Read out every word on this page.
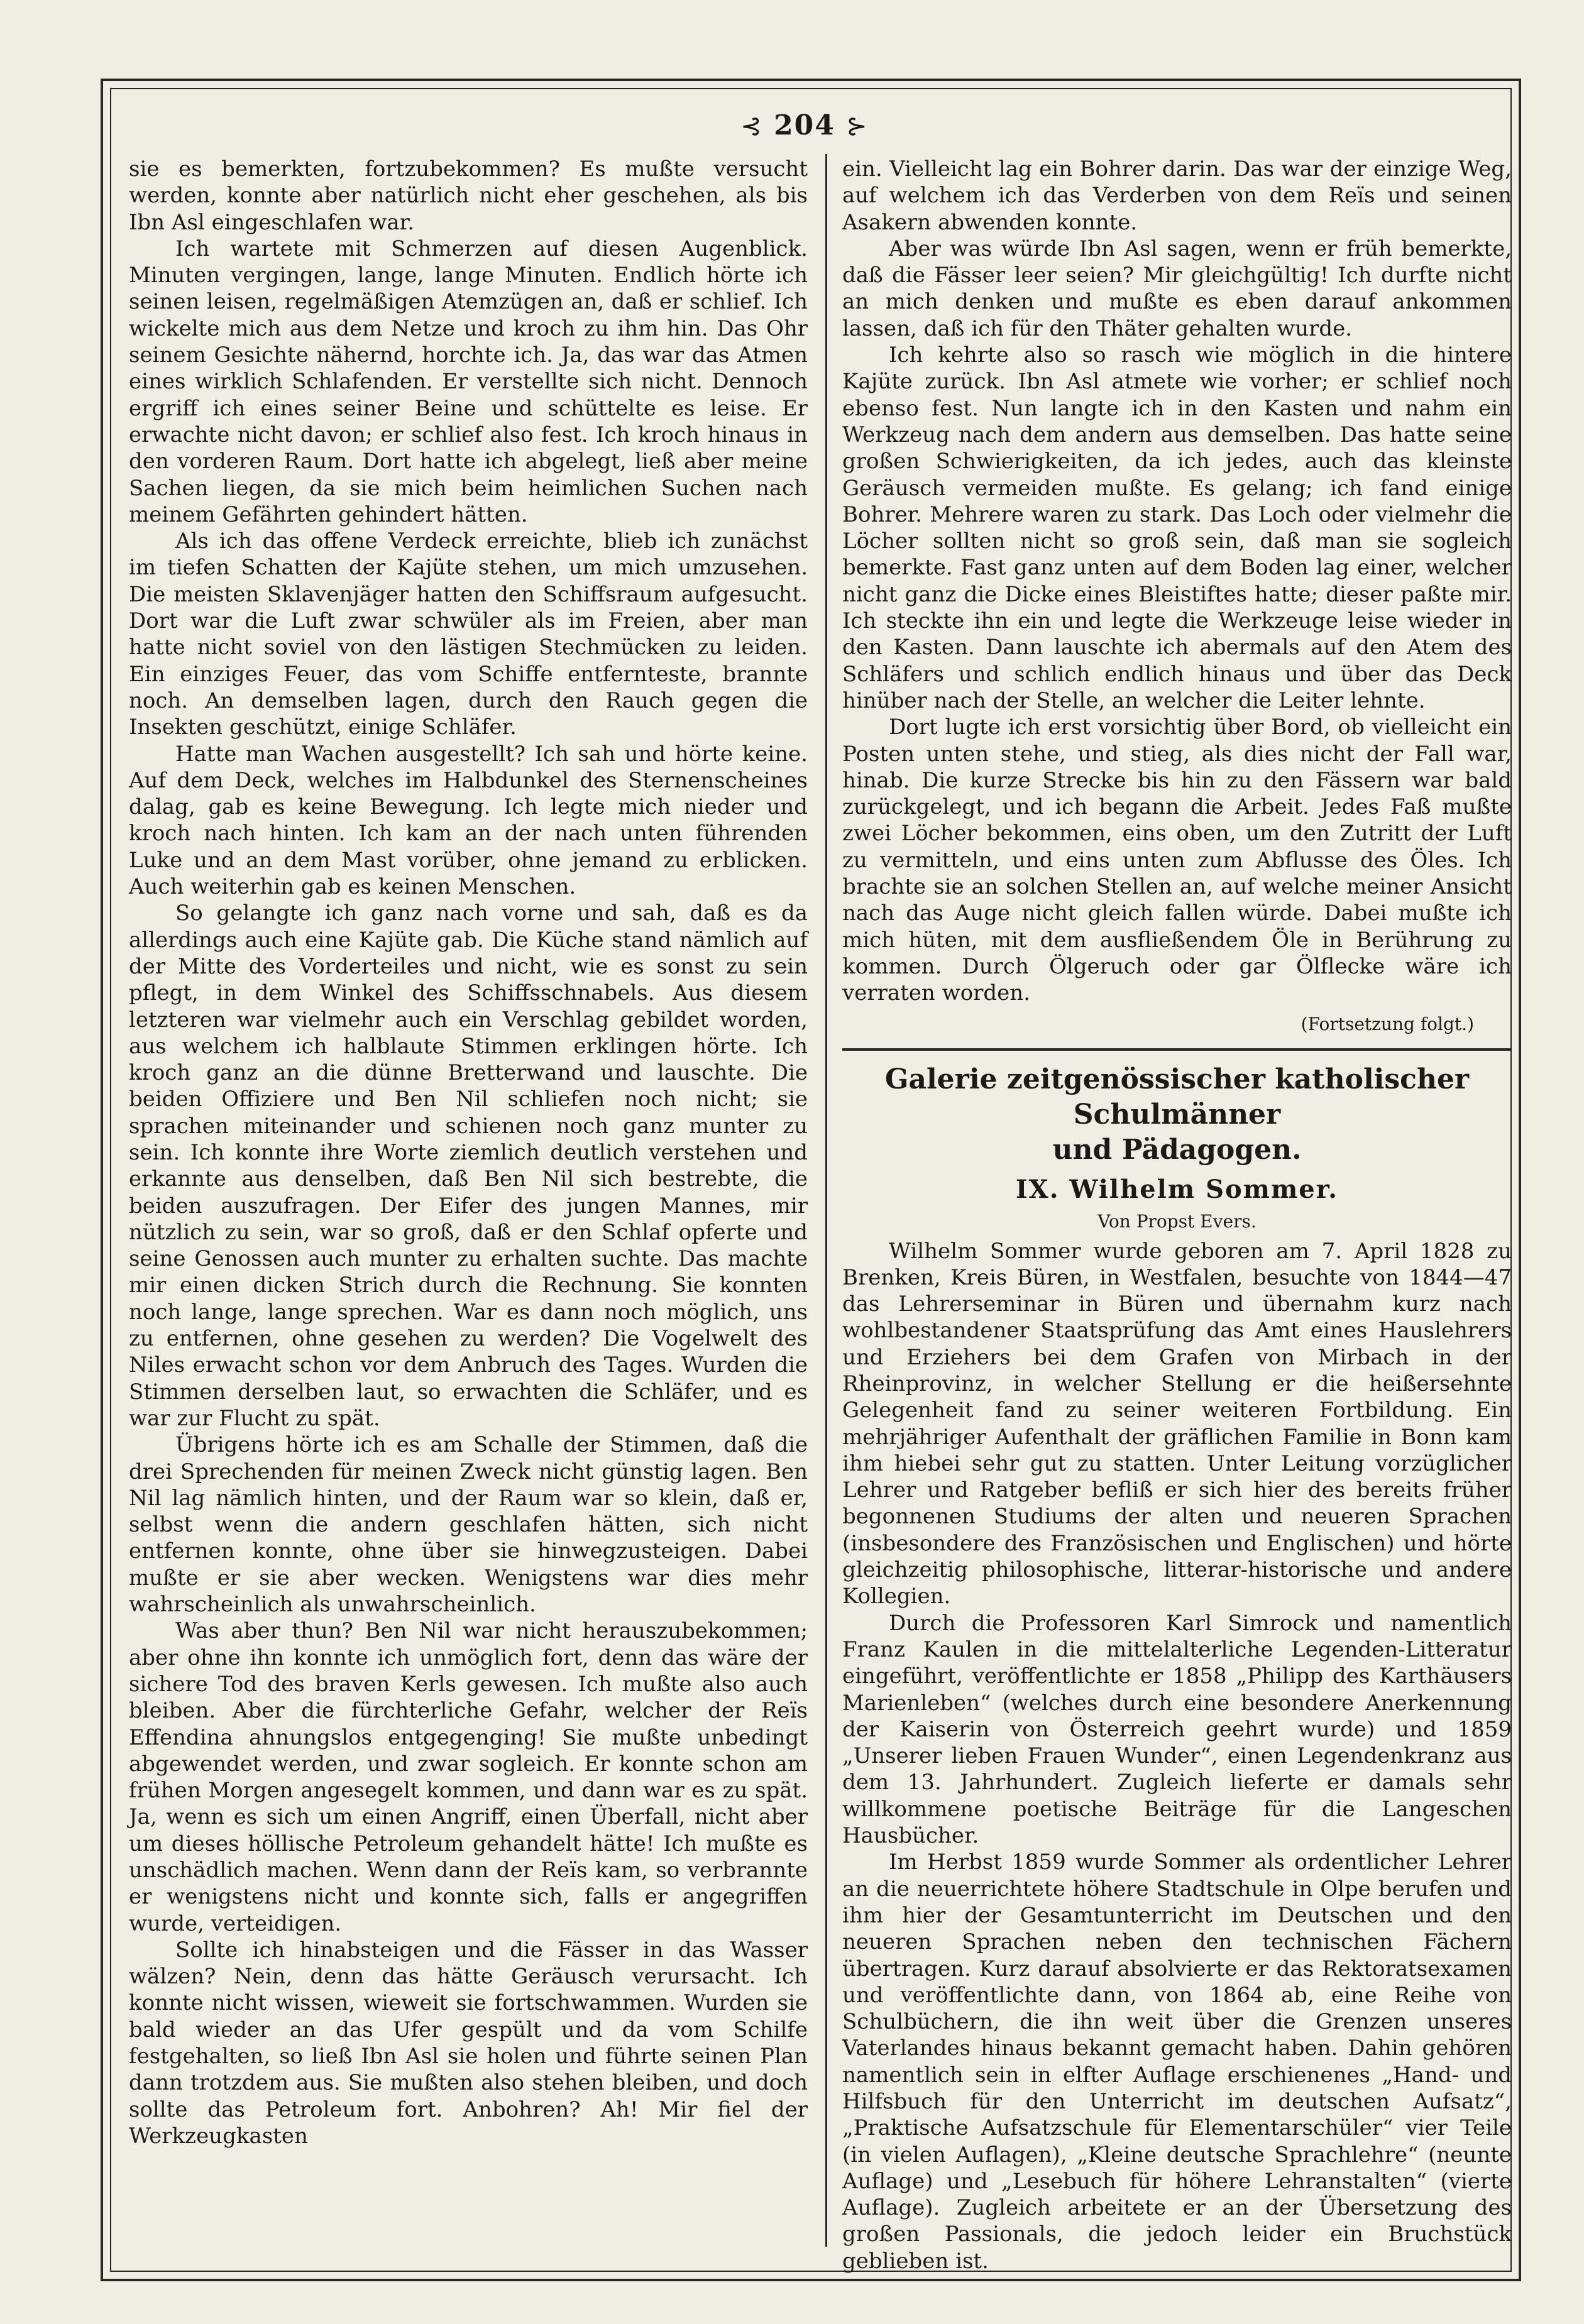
⊰ 204 ⊱

sie es bemerkten, fortzubekommen? Es mußte versucht werden, konnte aber natürlich nicht eher geschehen, als bis Ibn Asl eingeschlafen war.

Ich wartete mit Schmerzen auf diesen Augenblick. Minuten vergingen, lange, lange Minuten. Endlich hörte ich seinen leisen, regelmäßigen Atemzügen an, daß er schlief. Ich wickelte mich aus dem Netze und kroch zu ihm hin. Das Ohr seinem Gesichte nähernd, horchte ich. Ja, das war das Atmen eines wirklich Schlafenden. Er verstellte sich nicht. Dennoch ergriff ich eines seiner Beine und schüttelte es leise. Er erwachte nicht davon; er schlief also fest. Ich kroch hinaus in den vorderen Raum. Dort hatte ich abgelegt, ließ aber meine Sachen liegen, da sie mich beim heimlichen Suchen nach meinem Gefährten gehindert hätten.

Als ich das offene Verdeck erreichte, blieb ich zunächst im tiefen Schatten der Kajüte stehen, um mich umzusehen. Die meisten Sklavenjäger hatten den Schiffsraum aufgesucht. Dort war die Luft zwar schwüler als im Freien, aber man hatte nicht soviel von den lästigen Stechmücken zu leiden. Ein einziges Feuer, das vom Schiffe entfernteste, brannte noch. An demselben lagen, durch den Rauch gegen die Insekten geschützt, einige Schläfer.

Hatte man Wachen ausgestellt? Ich sah und hörte keine. Auf dem Deck, welches im Halbdunkel des Sternenscheines dalag, gab es keine Bewegung. Ich legte mich nieder und kroch nach hinten. Ich kam an der nach unten führenden Luke und an dem Mast vorüber, ohne jemand zu erblicken. Auch weiterhin gab es keinen Menschen.

So gelangte ich ganz nach vorne und sah, daß es da allerdings auch eine Kajüte gab. Die Küche stand nämlich auf der Mitte des Vorderteiles und nicht, wie es sonst zu sein pflegt, in dem Winkel des Schiffsschnabels. Aus diesem letzteren war vielmehr auch ein Verschlag gebildet worden, aus welchem ich halblaute Stimmen erklingen hörte. Ich kroch ganz an die dünne Bretterwand und lauschte. Die beiden Offiziere und Ben Nil schliefen noch nicht; sie sprachen miteinander und schienen noch ganz munter zu sein. Ich konnte ihre Worte ziemlich deutlich verstehen und erkannte aus denselben, daß Ben Nil sich bestrebte, die beiden auszufragen. Der Eifer des jungen Mannes, mir nützlich zu sein, war so groß, daß er den Schlaf opferte und seine Genossen auch munter zu erhalten suchte. Das machte mir einen dicken Strich durch die Rechnung. Sie konnten noch lange, lange sprechen. War es dann noch möglich, uns zu entfernen, ohne gesehen zu werden? Die Vogelwelt des Niles erwacht schon vor dem Anbruch des Tages. Wurden die Stimmen derselben laut, so erwachten die Schläfer, und es war zur Flucht zu spät.

Übrigens hörte ich es am Schalle der Stimmen, daß die drei Sprechenden für meinen Zweck nicht günstig lagen. Ben Nil lag nämlich hinten, und der Raum war so klein, daß er, selbst wenn die andern geschlafen hätten, sich nicht entfernen konnte, ohne über sie hinwegzusteigen. Dabei mußte er sie aber wecken. Wenigstens war dies mehr wahrscheinlich als unwahrscheinlich.

Was aber thun? Ben Nil war nicht herauszubekommen; aber ohne ihn konnte ich unmöglich fort, denn das wäre der sichere Tod des braven Kerls gewesen. Ich mußte also auch bleiben. Aber die fürchterliche Gefahr, welcher der Reïs Effendina ahnungslos entgegenging! Sie mußte unbedingt abgewendet werden, und zwar sogleich. Er konnte schon am frühen Morgen angesegelt kommen, und dann war es zu spät. Ja, wenn es sich um einen Angriff, einen Überfall, nicht aber um dieses höllische Petroleum gehandelt hätte! Ich mußte es unschädlich machen. Wenn dann der Reïs kam, so verbrannte er wenigstens nicht und konnte sich, falls er angegriffen wurde, verteidigen.

Sollte ich hinabsteigen und die Fässer in das Wasser wälzen? Nein, denn das hätte Geräusch verursacht. Ich konnte nicht wissen, wieweit sie fortschwammen. Wurden sie bald wieder an das Ufer gespült und da vom Schilfe festgehalten, so ließ Ibn Asl sie holen und führte seinen Plan dann trotzdem aus. Sie mußten also stehen bleiben, und doch sollte das Petroleum fort. Anbohren? Ah! Mir fiel der Werkzeugkasten

ein. Vielleicht lag ein Bohrer darin. Das war der einzige Weg, auf welchem ich das Verderben von dem Reïs und seinen Asakern abwenden konnte.

Aber was würde Ibn Asl sagen, wenn er früh bemerkte, daß die Fässer leer seien? Mir gleichgültig! Ich durfte nicht an mich denken und mußte es eben darauf ankommen lassen, daß ich für den Thäter gehalten wurde.

Ich kehrte also so rasch wie möglich in die hintere Kajüte zurück. Ibn Asl atmete wie vorher; er schlief noch ebenso fest. Nun langte ich in den Kasten und nahm ein Werkzeug nach dem andern aus demselben. Das hatte seine großen Schwierigkeiten, da ich jedes, auch das kleinste Geräusch vermeiden mußte. Es gelang; ich fand einige Bohrer. Mehrere waren zu stark. Das Loch oder vielmehr die Löcher sollten nicht so groß sein, daß man sie sogleich bemerkte. Fast ganz unten auf dem Boden lag einer, welcher nicht ganz die Dicke eines Bleistiftes hatte; dieser paßte mir. Ich steckte ihn ein und legte die Werkzeuge leise wieder in den Kasten. Dann lauschte ich abermals auf den Atem des Schläfers und schlich endlich hinaus und über das Deck hinüber nach der Stelle, an welcher die Leiter lehnte.

Dort lugte ich erst vorsichtig über Bord, ob vielleicht ein Posten unten stehe, und stieg, als dies nicht der Fall war, hinab. Die kurze Strecke bis hin zu den Fässern war bald zurückgelegt, und ich begann die Arbeit. Jedes Faß mußte zwei Löcher bekommen, eins oben, um den Zutritt der Luft zu vermitteln, und eins unten zum Abflusse des Öles. Ich brachte sie an solchen Stellen an, auf welche meiner Ansicht nach das Auge nicht gleich fallen würde. Dabei mußte ich mich hüten, mit dem ausfließendem Öle in Berührung zu kommen. Durch Ölgeruch oder gar Ölflecke wäre ich verraten worden.

(Fortsetzung folgt.)
Galerie zeitgenössischer katholischer Schulmänner
und Pädagogen.
IX. Wilhelm Sommer.
Von Propst Evers.

Wilhelm Sommer wurde geboren am 7. April 1828 zu Brenken, Kreis Büren, in Westfalen, besuchte von 1844—47 das Lehrerseminar in Büren und übernahm kurz nach wohlbestandener Staatsprüfung das Amt eines Hauslehrers und Erziehers bei dem Grafen von Mirbach in der Rheinprovinz, in welcher Stellung er die heißersehnte Gelegenheit fand zu seiner weiteren Fortbildung. Ein mehrjähriger Aufenthalt der gräflichen Familie in Bonn kam ihm hiebei sehr gut zu statten. Unter Leitung vorzüglicher Lehrer und Ratgeber befliß er sich hier des bereits früher begonnenen Studiums der alten und neueren Sprachen (insbesondere des Französischen und Englischen) und hörte gleichzeitig philosophische, litterar-historische und andere Kollegien.

Durch die Professoren Karl Simrock und namentlich Franz Kaulen in die mittelalterliche Legenden-Litteratur eingeführt, veröffentlichte er 1858 „Philipp des Karthäusers Marienleben“ (welches durch eine besondere Anerkennung der Kaiserin von Österreich geehrt wurde) und 1859 „Unserer lieben Frauen Wunder“, einen Legendenkranz aus dem 13. Jahrhundert. Zugleich lieferte er damals sehr willkommene poetische Beiträge für die Langeschen Hausbücher.

Im Herbst 1859 wurde Sommer als ordentlicher Lehrer an die neuerrichtete höhere Stadtschule in Olpe berufen und ihm hier der Gesamtunterricht im Deutschen und den neueren Sprachen neben den technischen Fächern übertragen. Kurz darauf absolvierte er das Rektoratsexamen und veröffentlichte dann, von 1864 ab, eine Reihe von Schulbüchern, die ihn weit über die Grenzen unseres Vaterlandes hinaus bekannt gemacht haben. Dahin gehören namentlich sein in elfter Auflage erschienenes „Hand- und Hilfsbuch für den Unterricht im deutschen Aufsatz“, „Praktische Aufsatzschule für Elementarschüler“ vier Teile (in vielen Auflagen), „Kleine deutsche Sprachlehre“ (neunte Auflage) und „Lesebuch für höhere Lehranstalten“ (vierte Auflage). Zugleich arbeitete er an der Übersetzung des großen Passionals, die jedoch leider ein Bruchstück geblieben ist.
